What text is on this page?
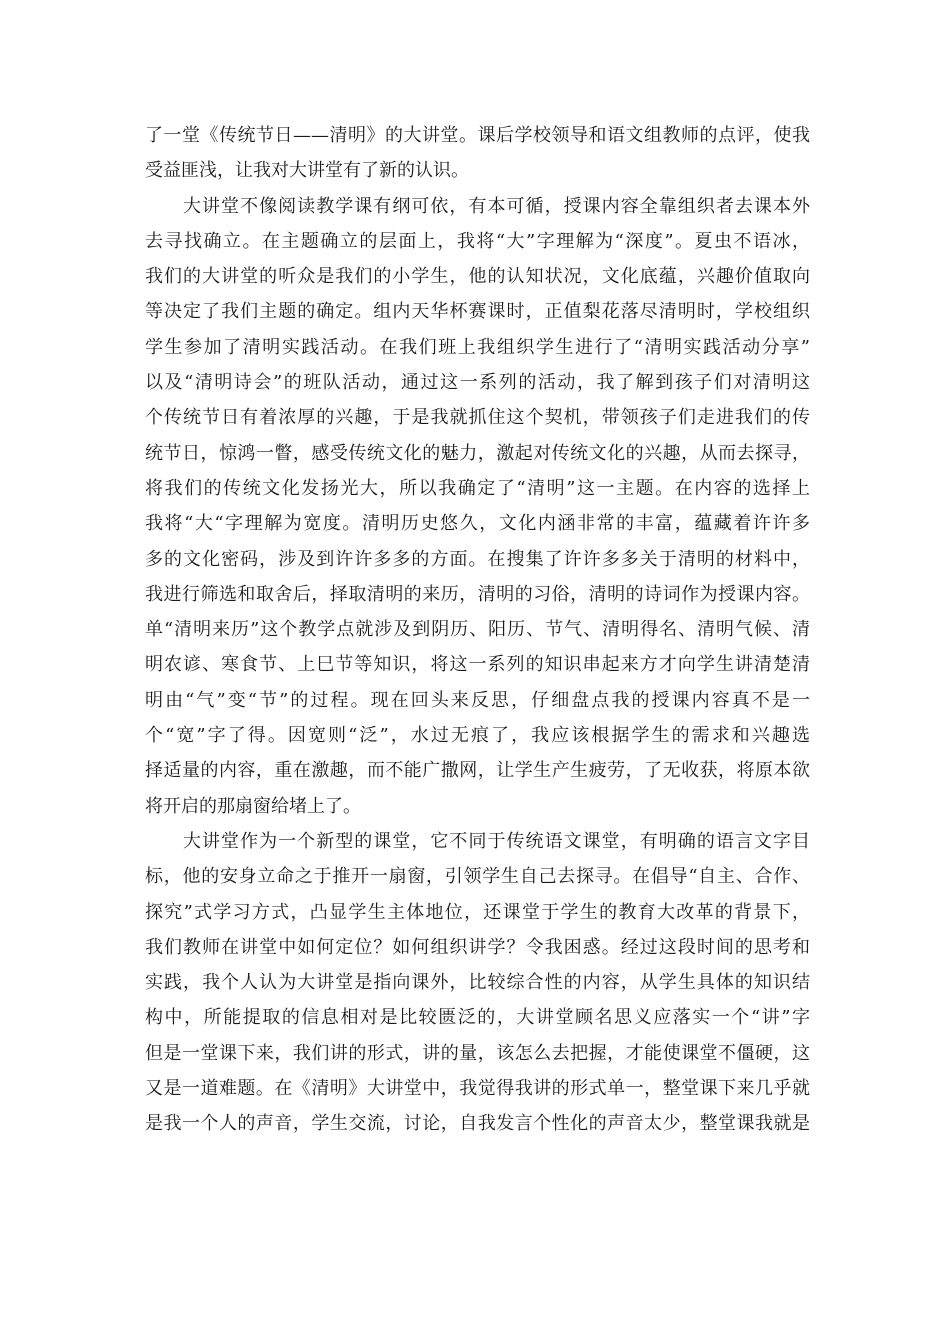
了一堂《传统节日——清明》的大讲堂。课后学校领导和语文组教师的点评，使我
受益匪浅，让我对大讲堂有了新的认识。
大讲堂不像阅读教学课有纲可依，有本可循，授课内容全靠组织者去课本外
去寻找确立。在主题确立的层面上，我将“大”字理解为“深度”。夏虫不语冰，
我们的大讲堂的听众是我们的小学生，他的认知状况，文化底蕴，兴趣价值取向
等决定了我们主题的确定。组内天华杯赛课时，正值梨花落尽清明时，学校组织
学生参加了清明实践活动。在我们班上我组织学生进行了“清明实践活动分享”
以及“清明诗会”的班队活动，通过这一系列的活动，我了解到孩子们对清明这
个传统节日有着浓厚的兴趣，于是我就抓住这个契机，带领孩子们走进我们的传
统节日，惊鸿一瞥，感受传统文化的魅力，激起对传统文化的兴趣，从而去探寻，
将我们的传统文化发扬光大，所以我确定了“清明”这一主题。在内容的选择上
我将“大“字理解为宽度。清明历史悠久，文化内涵非常的丰富，蕴藏着许许多
多的文化密码，涉及到许许多多的方面。在搜集了许许多多关于清明的材料中，
我进行筛选和取舍后，择取清明的来历，清明的习俗，清明的诗词作为授课内容。
单“清明来历”这个教学点就涉及到阴历、阳历、节气、清明得名、清明气候、清
明农谚、寒食节、上巳节等知识，将这一系列的知识串起来方才向学生讲清楚清
明由“气”变“节”的过程。现在回头来反思，仔细盘点我的授课内容真不是一
个“宽”字了得。因宽则“泛”，水过无痕了，我应该根据学生的需求和兴趣选
择适量的内容，重在激趣，而不能广撒网，让学生产生疲劳，了无收获，将原本欲
将开启的那扇窗给堵上了。
大讲堂作为一个新型的课堂，它不同于传统语文课堂，有明确的语言文字目
标，他的安身立命之于推开一扇窗，引领学生自己去探寻。在倡导“自主、合作、
探究”式学习方式，凸显学生主体地位，还课堂于学生的教育大改革的背景下，
我们教师在讲堂中如何定位？如何组织讲学？令我困惑。经过这段时间的思考和
实践，我个人认为大讲堂是指向课外，比较综合性的内容，从学生具体的知识结
构中，所能提取的信息相对是比较匮泛的，大讲堂顾名思义应落实一个“讲”字
但是一堂课下来，我们讲的形式，讲的量，该怎么去把握，才能使课堂不僵硬，这
又是一道难题。在《清明》大讲堂中，我觉得我讲的形式单一，整堂课下来几乎就
是我一个人的声音，学生交流，讨论，自我发言个性化的声音太少，整堂课我就是
